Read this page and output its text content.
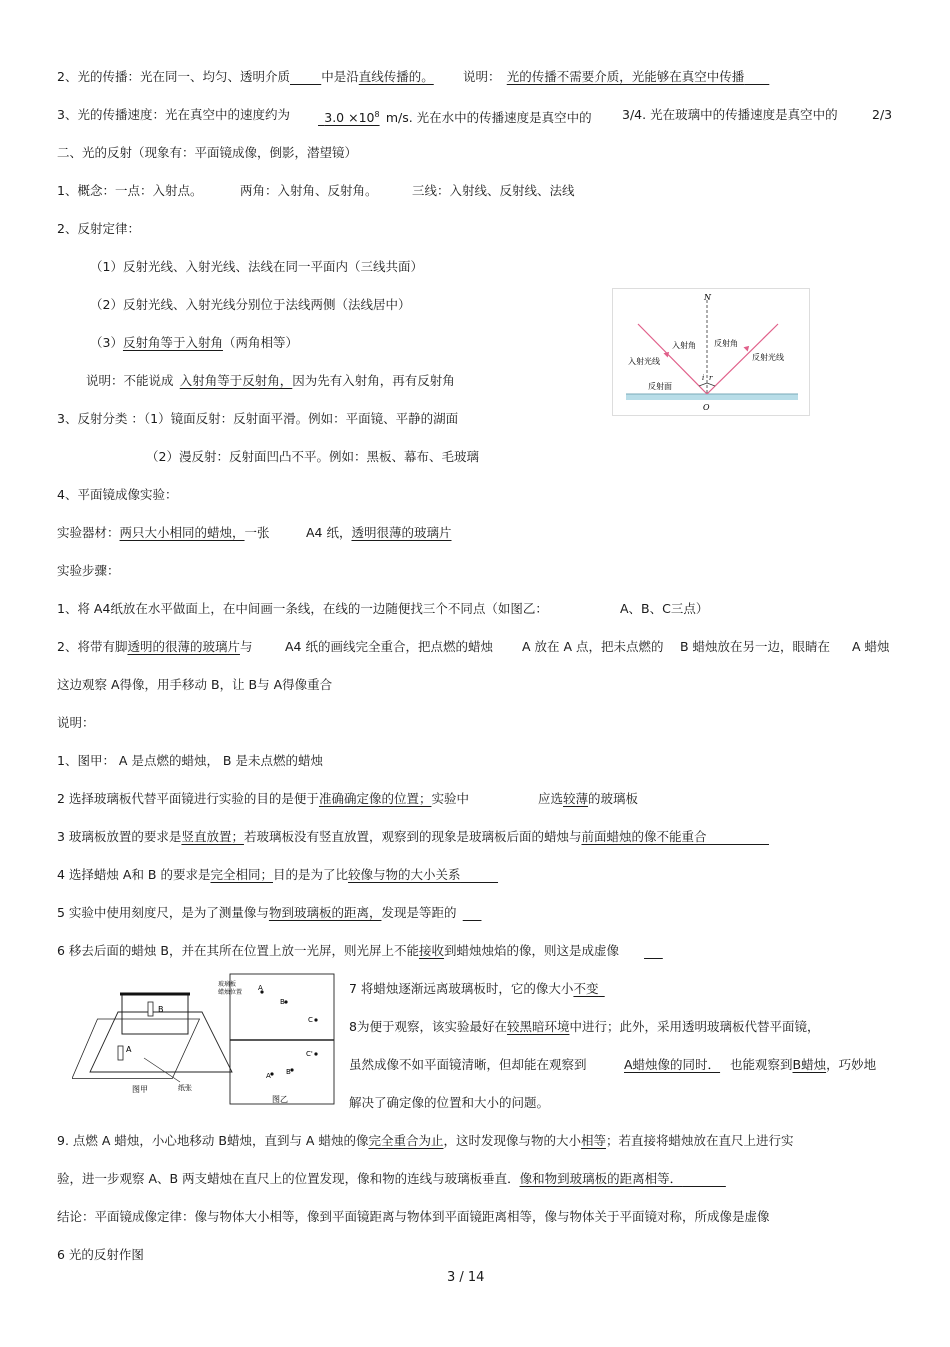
2、光的传播：光在同一、均匀、透明介质   	中是沿直线传播的。 说明：  光的传播不需要介质，光能够在真空中传播  
3、光的传播速度：光在真空中的速度约为
 	$3.0 \times 10^8$  m/s. 光在水中的传播速度是真空中的 3/4. 光在玻璃中的传播速度是真空中的	2/3
二、光的反射（现象有：平面镜成像，倒影，潜望镜）
1、概念：一点：入射点。	两角：入射角、反射角。	三线：入射线、反射线、法线
2、反射定律：
（1）反射光线、入射光线、法线在同一平面内（三线共面）
（2）反射光线、入射光线分别位于法线两侧（法线居中）
（3）反射角等于入射角（两角相等）
说明：不能说成  入射角等于反射角，因为先有入射角，再有反射角
3、反射分类 ：（1）镜面反射：反射面平滑。例如：平面镜、平静的湖面
（2）漫反射：反射面凹凸不平。例如：黑板、幕布、毛玻璃
4、平面镜成像实验：
实验器材：两只大小相同的蜡烛，一张	A4 纸，透明很薄的玻璃片
实验步骤：
1、将 A4纸放在水平做面上，在中间画一条线，在线的一边随便找三个不同点（如图乙：	A、B、C三点）
2、将带有脚透明的很薄的玻璃片与	A4 纸的画线完全重合，把点燃的蜡烛 A 放在 A 点，把未点燃的 B 蜡烛放在另一边，眼睛在 A 蜡烛
这边观察 A得像，用手移动 B，让 B与 A得像重合
说明：
1、图甲： A 是点燃的蜡烛， B 是未点燃的蜡烛
2 选择玻璃板代替平面镜进行实验的目的是便于准确确定像的位置；实验中	应选较薄的玻璃板
3 玻璃板放置的要求是竖直放置；若玻璃板没有竖直放置，观察到的现象是玻璃板后面的蜡烛与前面蜡烛的像不能重合     
4 选择蜡烛 A和 B 的要求是完全相同；目的是为了比较像与物的大小关系   
5 实验中使用刻度尺，是为了测量像与物到玻璃板的距离，发现是等距的   
6 移去后面的蜡烛 B，并在其所在位置上放一光屏，则光屏上不能接收到蜡烛烛焰的像，则这是成虚像    
7 将蜡烛逐渐远离玻璃板时，它的像大小不变 
8为便于观察，该实验最好在较黑暗环境中进行；此外，采用透明玻璃板代替平面镜，
虽然成像不如平面镜清晰，但却能在观察到	A蜡烛像的同时． 也能观察到B蜡烛，巧妙地
解决了确定像的位置和大小的问题。
9. 点燃 A 蜡烛，小心地移动 B蜡烛，直到与 A 蜡烛的像完全重合为止，这时发现像与物的大小相等；若直接将蜡烛放在直尺上进行实
验，进一步观察 A、B 两支蜡烛在直尺上的位置发现，像和物的连线与玻璃板垂直．像和物到玻璃板的距离相等．    
结论：平面镜成像定律：像与物体大小相等，像到平面镜距离与物体到平面镜距离相等，像与物体关于平面镜对称，所成像是虚像
6 光的反射作图
N
入射角 反射角
入射光线	反射光线
反射面
i r
O
A
B
纸张
图甲
玻璃板
蜡烛位置
A
B
C
A' B'
C'
图乙
3 / 14
